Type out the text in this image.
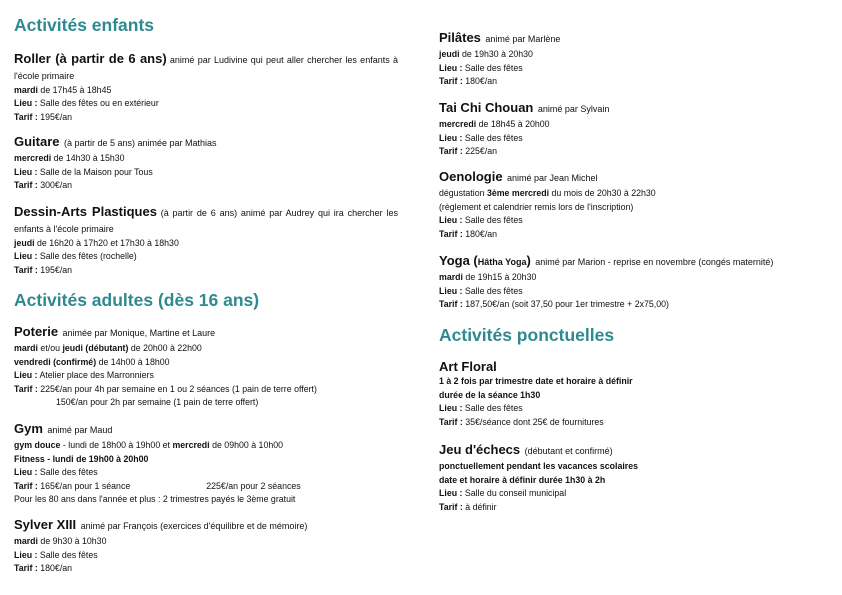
Activités enfants
Roller (à partir de 6 ans) animé par Ludivine qui peut aller chercher les enfants à l'école primaire
mardi de 17h45 à 18h45
Lieu : Salle des fêtes ou en extérieur
Tarif : 195€/an
Guitare (à partir de 5 ans) animée par Mathias
mercredi de 14h30 à 15h30
Lieu : Salle de la Maison pour Tous
Tarif : 300€/an
Dessin-Arts Plastiques (à partir de 6 ans) animé par Audrey qui ira chercher les enfants à l'école primaire
jeudi de 16h20 à 17h20 et 17h30 à 18h30
Lieu : Salle des fêtes (rochelle)
Tarif : 195€/an
Activités adultes (dès 16 ans)
Poterie animée par Monique, Martine et Laure
mardi et/ou jeudi (débutant) de 20h00 à 22h00
vendredi (confirmé) de 14h00 à 18h00
Lieu : Atelier place des Marronniers
Tarif : 225€/an pour 4h par semaine en 1 ou 2 séances (1 pain de terre offert)
150€/an pour 2h par semaine (1 pain de terre offert)
Gym animé par Maud
gym douce - lundi de 18h00 à 19h00 et mercredi de 09h00 à 10h00
Fitness - lundi de 19h00 à 20h00
Lieu : Salle des fêtes
Tarif : 165€/an pour 1 séance	225€/an pour 2 séances
Pour les 80 ans dans l'année et plus : 2 trimestres payés le 3ème gratuit
Sylver XIII animé par François (exercices d'équilibre et de mémoire)
mardi de 9h30 à 10h30
Lieu : Salle des fêtes
Tarif : 180€/an
Pilâtes animé par Marlène
jeudi de 19h30 à 20h30
Lieu : Salle des fêtes
Tarif : 180€/an
Tai Chi Chouan animé par Sylvain
mercredi de 18h45 à 20h00
Lieu : Salle des fêtes
Tarif : 225€/an
Oenologie animé par Jean Michel
dégustation 3ème mercredi du mois de 20h30 à 22h30
(règlement et calendrier remis lors de l'inscription)
Lieu : Salle des fêtes
Tarif : 180€/an
Yoga (Hâtha Yoga) animé par Marion - reprise en novembre (congés maternité)
mardi de 19h15 à 20h30
Lieu : Salle des fêtes
Tarif : 187,50€/an (soit 37,50 pour 1er trimestre + 2x75,00)
Activités ponctuelles
Art Floral
1 à 2 fois par trimestre date et horaire à définir
durée de la séance 1h30
Lieu : Salle des fêtes
Tarif : 35€/séance dont 25€ de fournitures
Jeu d'échecs (débutant et confirmé)
ponctuellement pendant les vacances scolaires
date et horaire à définir durée 1h30 à 2h
Lieu : Salle du conseil municipal
Tarif : à définir
